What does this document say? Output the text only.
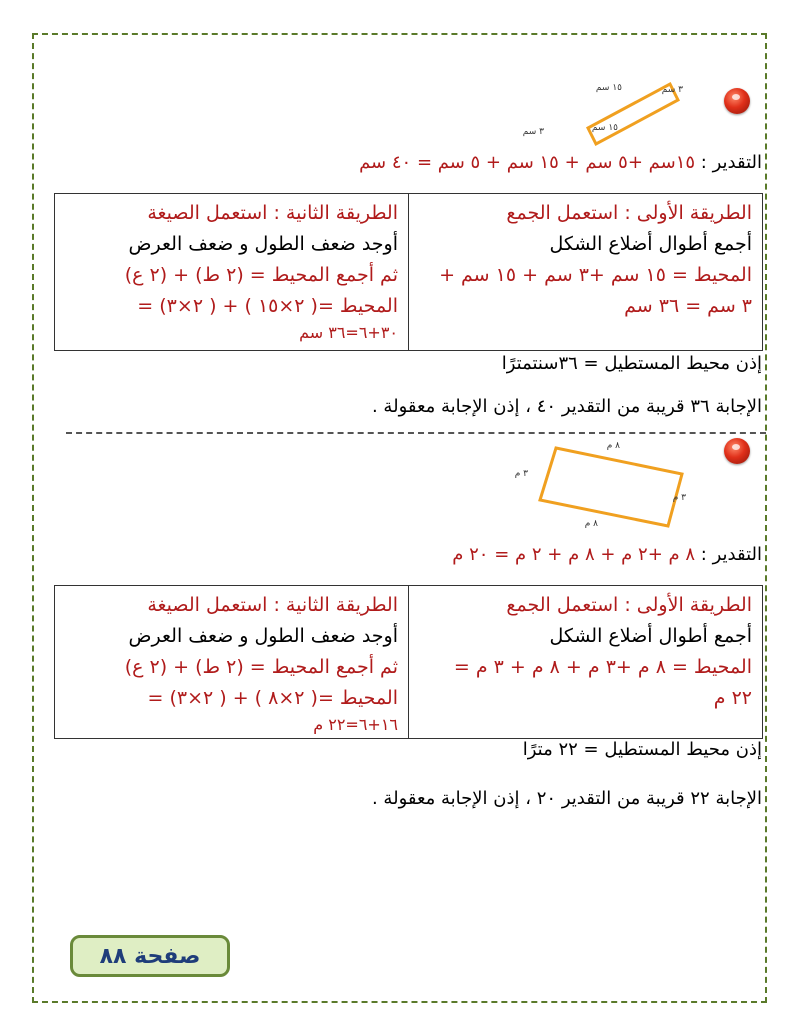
١٥ سم
١٥ سم
٣ سم
٣ سم
التقدير : ١٥سم +٥ سم + ١٥ سم + ٥ سم = ٤٠ سم
الطريقة الأولى : استعمل الجمع
أجمع أطوال أضلاع الشكل
المحيط = ١٥ سم +٣ سم + ١٥ سم +
٣ سم = ٣٦ سم
الطريقة الثانية : استعمل الصيغة
أوجد ضعف الطول و ضعف العرض
ثم أجمع المحيط = (٢ ط) + (٢ ع)
المحيط =( ٢×١٥ ) + ( ٢×٣) =
٣٠+٦=٣٦ سم
إذن محيط المستطيل = ٣٦سنتمترًا
الإجابة ٣٦ قريبة من التقدير ٤٠ ، إذن الإجابة معقولة .
٨ م
٨ م
٣ م
٣ م
التقدير : ٨ م +٢ م + ٨ م + ٢ م = ٢٠ م
الطريقة الأولى : استعمل الجمع
أجمع أطوال أضلاع الشكل
المحيط = ٨ م +٣ م + ٨ م + ٣ م =
٢٢ م
الطريقة الثانية : استعمل الصيغة
أوجد ضعف الطول و ضعف العرض
ثم أجمع المحيط = (٢ ط) + (٢ ع)
المحيط =( ٢×٨ ) + ( ٢×٣) =
١٦+٦=٢٢ م
إذن محيط المستطيل = ٢٢ مترًا
الإجابة ٢٢ قريبة من التقدير ٢٠ ، إذن الإجابة معقولة .
صفحة ٨٨
